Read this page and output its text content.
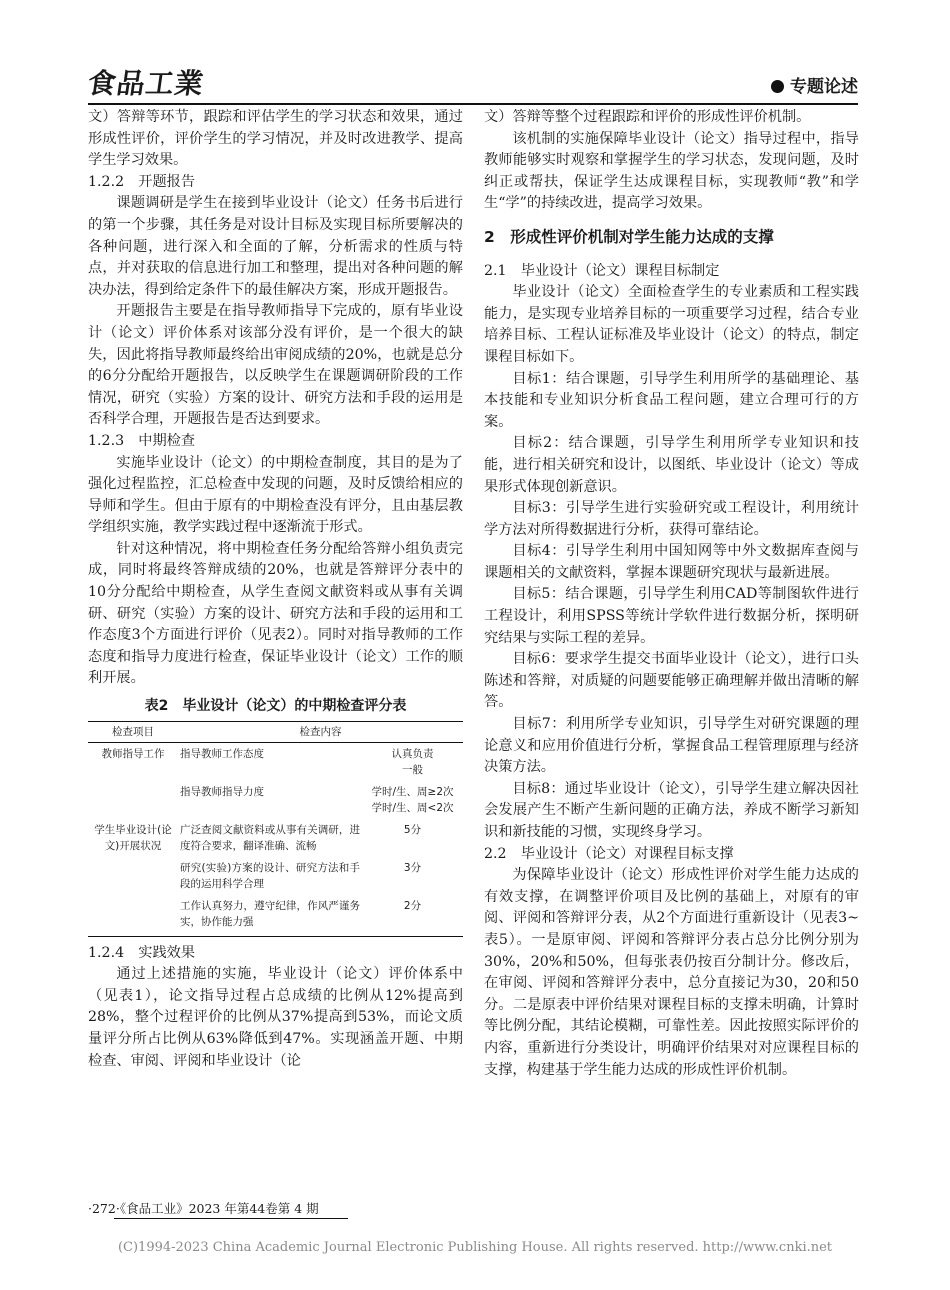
食品工業	专题论述

文）答辩等环节，跟踪和评估学生的学习状态和效果，通过形成性评价，评价学生的学习情况，并及时改进教学、提高学生学习效果。

1.2.2　开题报告

课题调研是学生在接到毕业设计（论文）任务书后进行的第一个步骤，其任务是对设计目标及实现目标所要解决的各种问题，进行深入和全面的了解，分析需求的性质与特点，并对获取的信息进行加工和整理，提出对各种问题的解决办法，得到给定条件下的最佳解决方案，形成开题报告。

开题报告主要是在指导教师指导下完成的，原有毕业设计（论文）评价体系对该部分没有评价，是一个很大的缺失，因此将指导教师最终给出审阅成绩的20%，也就是总分的6分分配给开题报告，以反映学生在课题调研阶段的工作情况，研究（实验）方案的设计、研究方法和手段的运用是否科学合理，开题报告是否达到要求。

1.2.3　中期检查

实施毕业设计（论文）的中期检查制度，其目的是为了强化过程监控，汇总检查中发现的问题，及时反馈给相应的导师和学生。但由于原有的中期检查没有评分，且由基层教学组织实施，教学实践过程中逐渐流于形式。

针对这种情况，将中期检查任务分配给答辩小组负责完成，同时将最终答辩成绩的20%，也就是答辩评分表中的10分分配给中期检查，从学生查阅文献资料或从事有关调研、研究（实验）方案的设计、研究方法和手段的运用和工作态度3个方面进行评价（见表2）。同时对指导教师的工作态度和指导力度进行检查，保证毕业设计（论文）工作的顺利开展。

表2　毕业设计（论文）的中期检查评分表
检查项目	检查内容	
教师指导工作	指导教师工作态度	认真负责
一般
	指导教师指导力度	学时/生、周≥2次
学时/生、周<2次
学生毕业设计(论文)开展状况	广泛查阅文献资料或从事有关调研，进度符合要求，翻译准确、流畅	5分
	研究(实验)方案的设计、研究方法和手段的运用科学合理	3分
	工作认真努力，遵守纪律，作风严谨务实，协作能力强	2分

1.2.4　实践效果

通过上述措施的实施，毕业设计（论文）评价体系中（见表1），论文指导过程占总成绩的比例从12%提高到28%，整个过程评价的比例从37%提高到53%，而论文质量评分所占比例从63%降低到47%。实现涵盖开题、中期检查、审阅、评阅和毕业设计（论

文）答辩等整个过程跟踪和评价的形成性评价机制。

该机制的实施保障毕业设计（论文）指导过程中，指导教师能够实时观察和掌握学生的学习状态，发现问题，及时纠正或帮扶，保证学生达成课程目标，实现教师“教”和学生“学”的持续改进，提高学习效果。

2　形成性评价机制对学生能力达成的支撑

2.1　毕业设计（论文）课程目标制定

毕业设计（论文）全面检查学生的专业素质和工程实践能力，是实现专业培养目标的一项重要学习过程，结合专业培养目标、工程认证标准及毕业设计（论文）的特点，制定课程目标如下。

目标1：结合课题，引导学生利用所学的基础理论、基本技能和专业知识分析食品工程问题，建立合理可行的方案。

目标2：结合课题，引导学生利用所学专业知识和技能，进行相关研究和设计，以图纸、毕业设计（论文）等成果形式体现创新意识。

目标3：引导学生进行实验研究或工程设计，利用统计学方法对所得数据进行分析，获得可靠结论。

目标4：引导学生利用中国知网等中外文数据库查阅与课题相关的文献资料，掌握本课题研究现状与最新进展。

目标5：结合课题，引导学生利用CAD等制图软件进行工程设计，利用SPSS等统计学软件进行数据分析，探明研究结果与实际工程的差异。

目标6：要求学生提交书面毕业设计（论文），进行口头陈述和答辩，对质疑的问题要能够正确理解并做出清晰的解答。

目标7：利用所学专业知识，引导学生对研究课题的理论意义和应用价值进行分析，掌握食品工程管理原理与经济决策方法。

目标8：通过毕业设计（论文），引导学生建立解决因社会发展产生不断产生新问题的正确方法，养成不断学习新知识和新技能的习惯，实现终身学习。

2.2　毕业设计（论文）对课程目标支撑

为保障毕业设计（论文）形成性评价对学生能力达成的有效支撑，在调整评价项目及比例的基础上，对原有的审阅、评阅和答辩评分表，从2个方面进行重新设计（见表3~表5）。一是原审阅、评阅和答辩评分表占总分比例分别为30%，20%和50%，但每张表仍按百分制计分。修改后，在审阅、评阅和答辩评分表中，总分直接记为30，20和50分。二是原表中评价结果对课程目标的支撑未明确，计算时等比例分配，其结论模糊，可靠性差。因此按照实际评价的内容，重新进行分类设计，明确评价结果对对应课程目标的支撑，构建基于学生能力达成的形成性评价机制。

·272·《食品工业》2023 年第44卷第 4 期
(C)1994-2023 China Academic Journal Electronic Publishing House. All rights reserved. http://www.cnki.net
